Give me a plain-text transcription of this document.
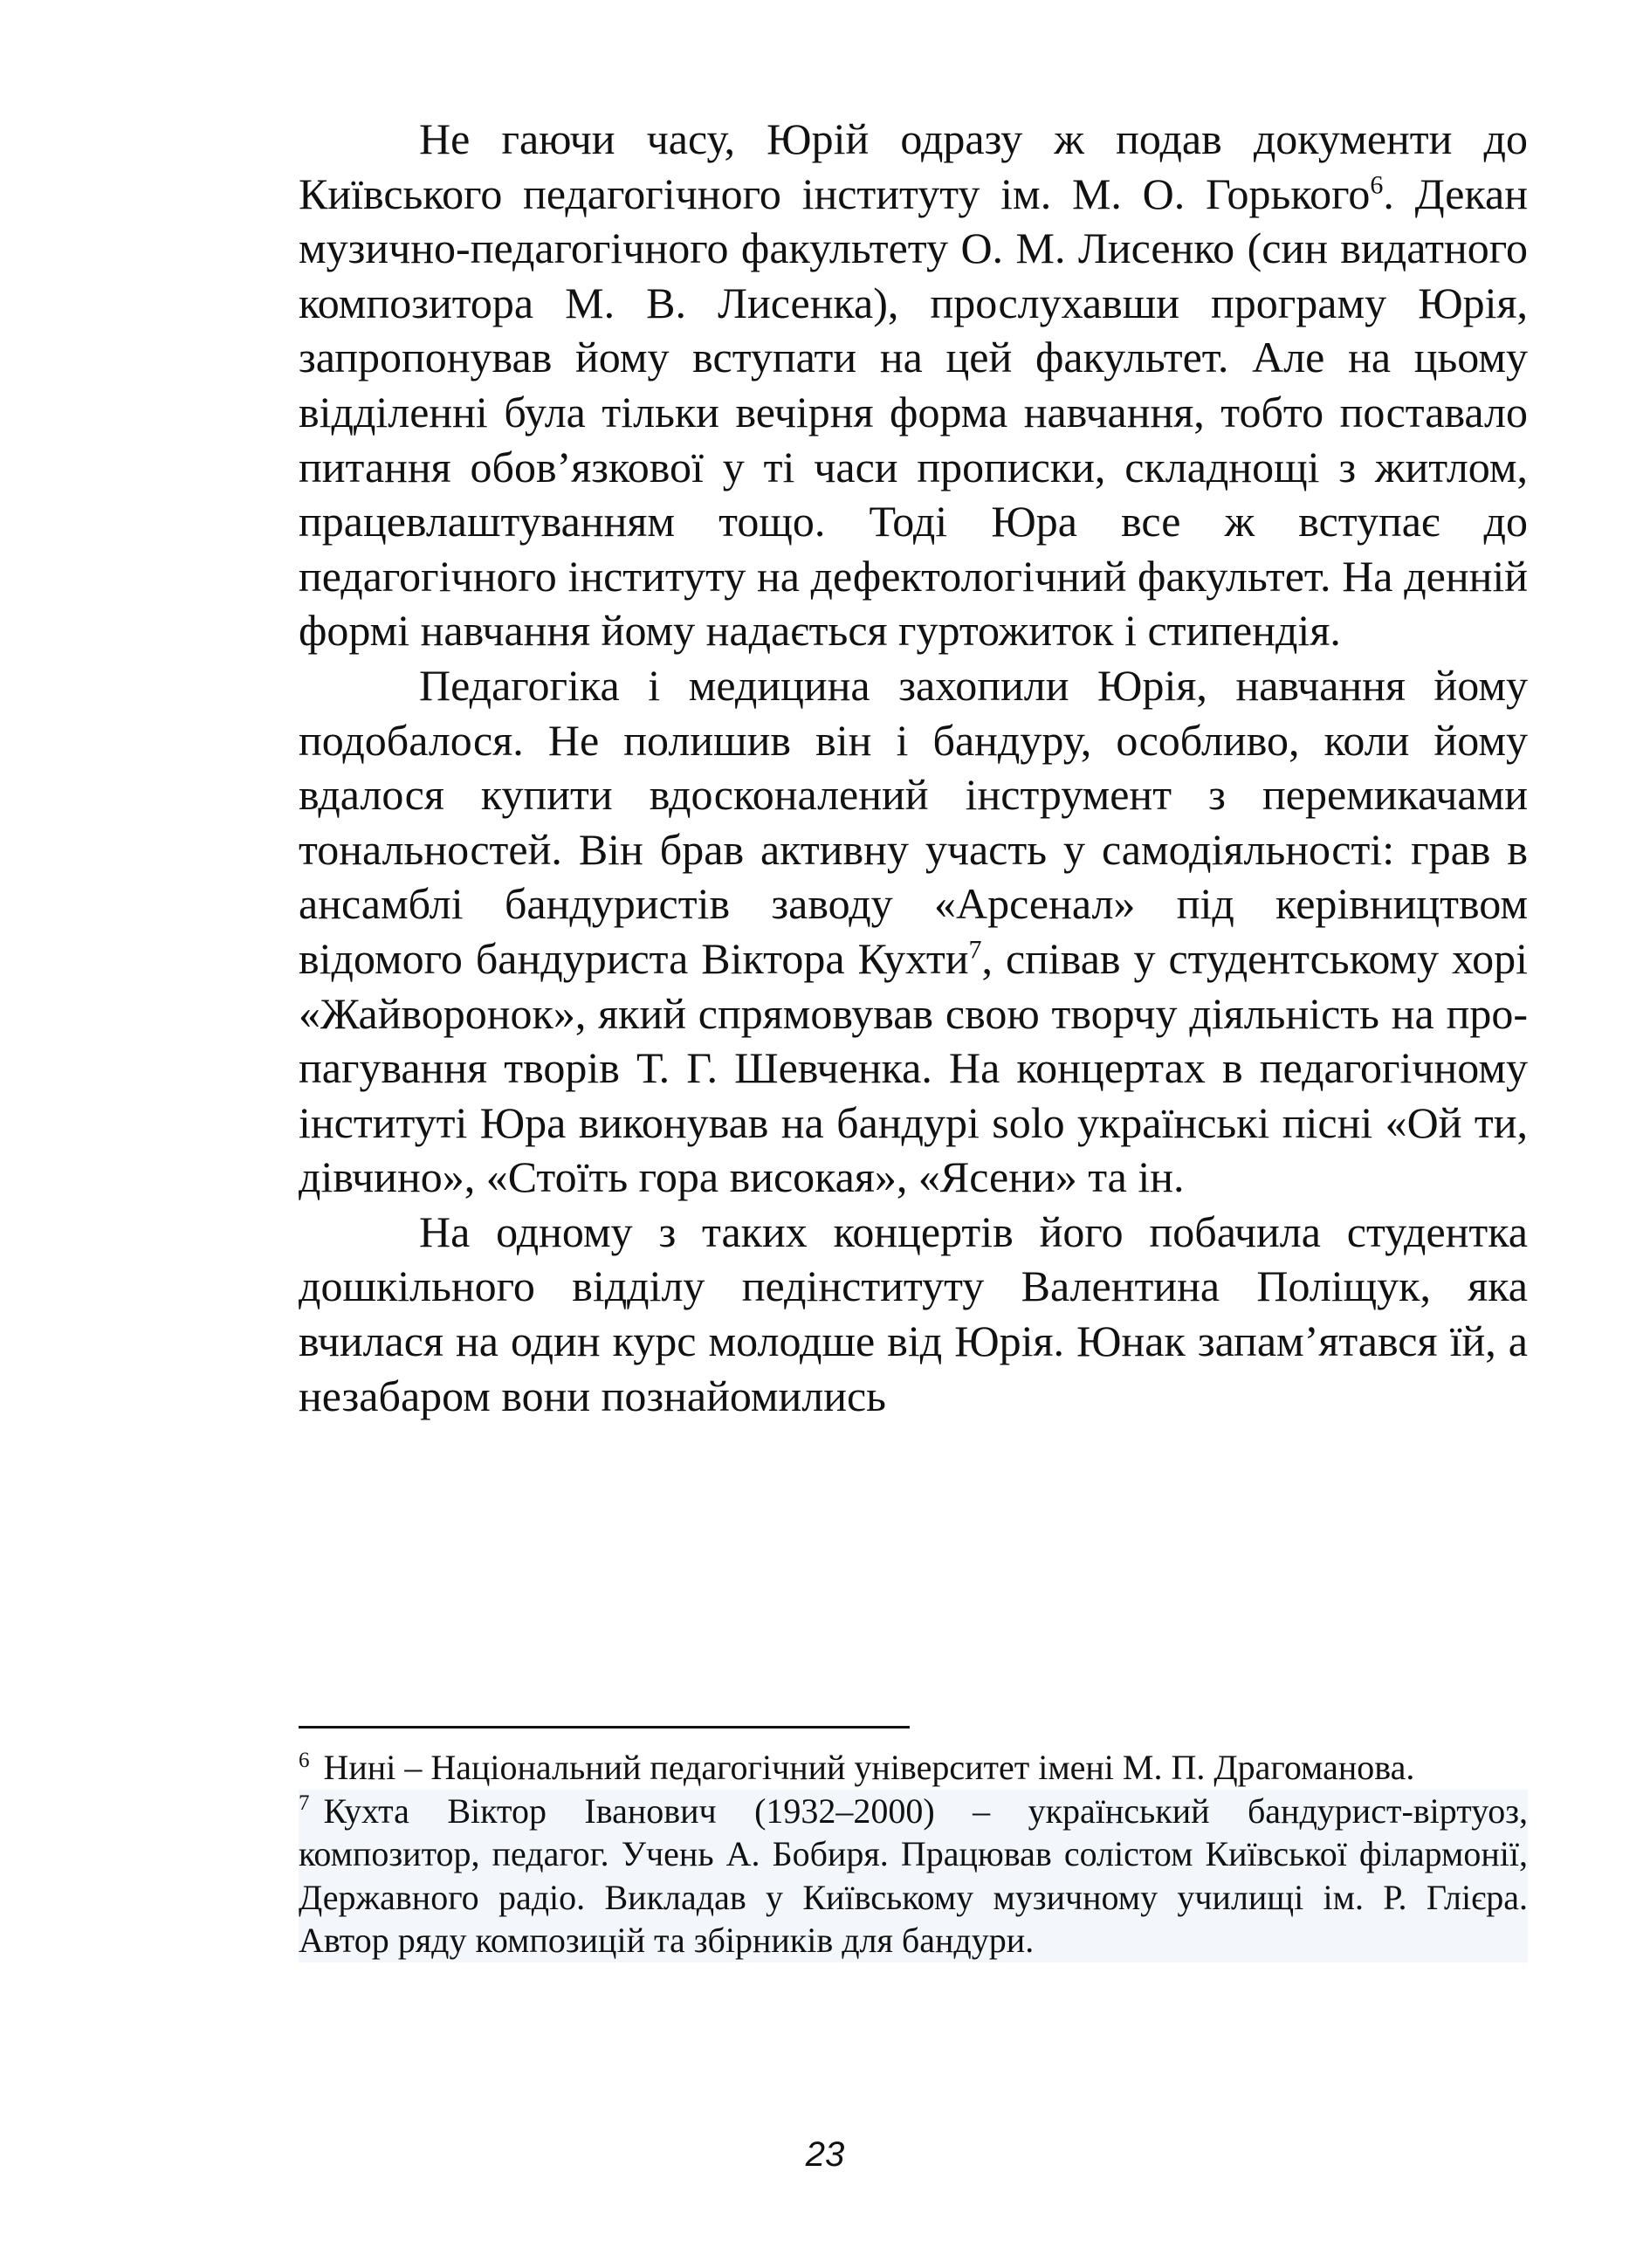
Не гаючи часу, Юрій одразу ж подав документи до Київського педагогічного інституту ім. М. О. Горького$^6$. Декан музично-педагогічного факультету О. М. Лисенко (син видатного композитора М. В. Лисенка), прослухавши програму Юрія, запропонував йому вступати на цей факультет. Але на цьому відділенні була тільки вечірня форма навчання, тобто поставало питання обов’язкової у ті часи прописки, складнощі з житлом, працевлаштуванням тощо. Тоді Юра все ж вступає до педагогічного інституту на дефектологічний факультет. На денній формі навчання йому надається гуртожиток і стипендія.

Педагогіка і медицина захопили Юрія, навчання йому подобалося. Не полишив він і бандуру, особливо, коли йому вдалося купити вдосконалений інструмент з перемикачами тональностей. Він брав активну участь у самодіяльності: грав в ансамблі бандуристів заводу «Арсенал» під керівництвом відомого бандуриста Віктора Кухти$^7$, співав у студентському хорі «Жайворонок», який спрямовував свою творчу діяльність на пропагування творів Т. Г. Шевченка. На концертах в педагогічному інституті Юра виконував на бандурі solo українські пісні «Ой ти, дівчино», «Стоїть гора високая», «Ясени» та ін.

На одному з таких концертів його побачила студентка дошкільного відділу педінституту Валентина Поліщук, яка вчилася на один курс молодше від Юрія. Юнак запам’ятався їй, а незабаром вони познайомились

$^6$ Нині – Національний педагогічний університет імені М. П. Драгоманова.

$^7$ Кухта Віктор Іванович (1932–2000) – український бандурист-віртуоз, композитор, педагог. Учень А. Бобиря. Працював солістом Київської філармонії, Державного радіо. Викладав у Київському музичному училищі ім. Р. Глієра. Автор ряду композицій та збірників для бандури.

23
